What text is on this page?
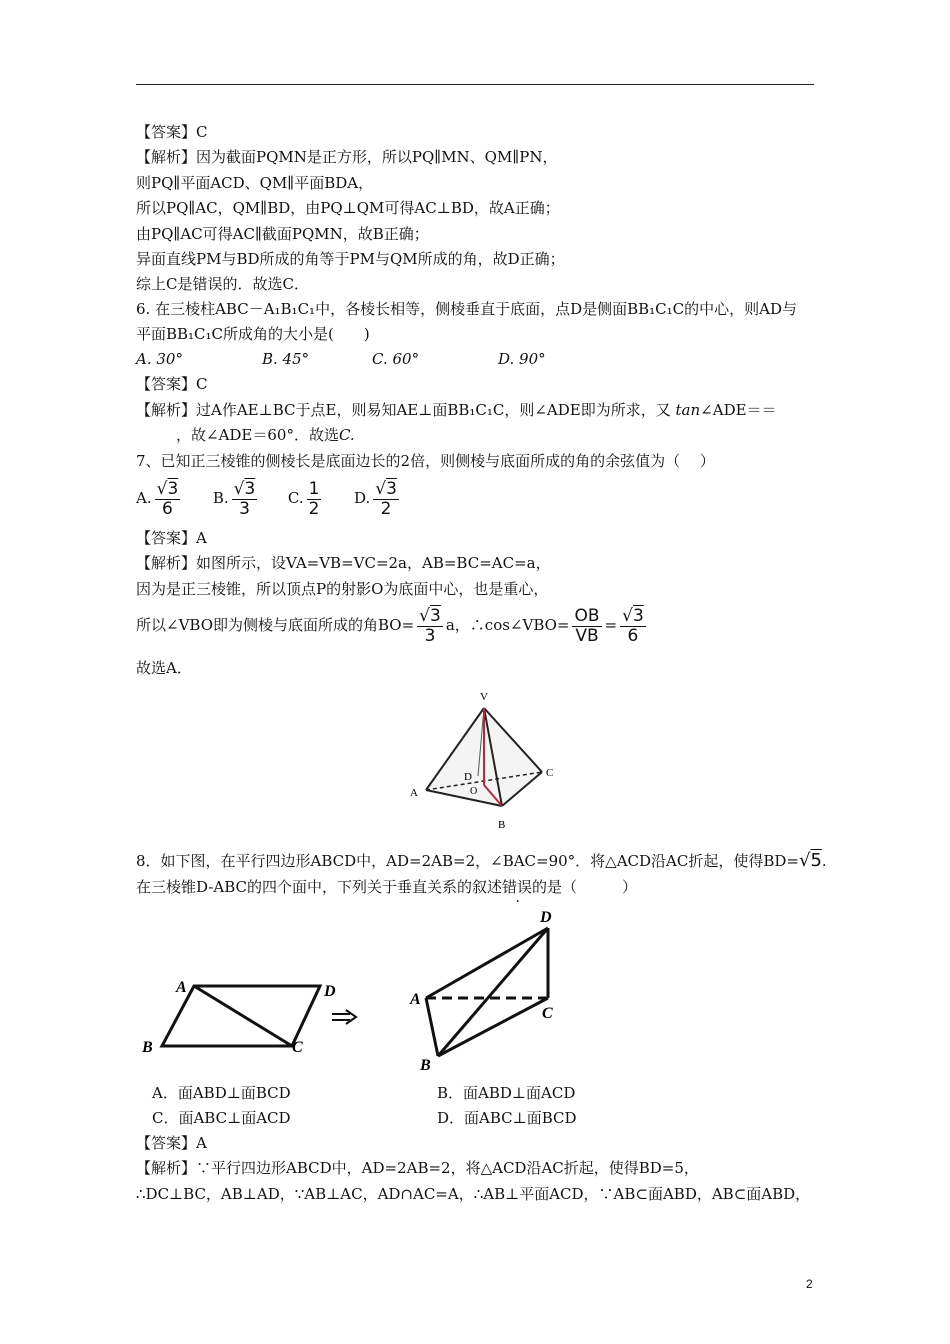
【答案】C
【解析】因为截面PQMN是正方形，所以PQ∥MN、QM∥PN，
则PQ∥平面ACD、QM∥平面BDA，
所以PQ∥AC，QM∥BD，由PQ⊥QM可得AC⊥BD，故A正确；
由PQ∥AC可得AC∥截面PQMN，故B正确；
异面直线PM与BD所成的角等于PM与QM所成的角，故D正确；
综上C是错误的．故选C．
6. 在三棱柱ABC－A₁B₁C₁中，各棱长相等，侧棱垂直于底面，点D是侧面BB₁C₁C的中心，则AD与
平面BB₁C₁C所成角的大小是(　　)
A. 30°	B. 45°	C. 60°	D. 90°
【答案】C
【解析】过A作AE⊥BC于点E，则易知AE⊥面BB₁C₁C，则∠ADE即为所求，又 tan∠ADE＝＝
，故∠ADE＝60°．故选C.
7、已知正三棱锥的侧棱长是底面边长的2倍，则侧棱与底面所成的角的余弦值为（　 ）
A. $\frac{√3}{6} B$. $\frac{√3}{3} C$. $\frac{1}{2} D$. $\frac{√3}{2}$
【答案】A
【解析】如图所示，设VA=VB=VC=2a，AB=BC=AC=a，
因为是正三棱锥，所以顶点P的射影O为底面中心，也是重心，
所以∠VBO即为侧棱与底面所成的角$BO= \frac{√3}{3}$ a，∴cos∠VBO= $\frac{OB}{VB} = \frac{√3}{6}$
故选A．
V
A
B
C
D
O
8．如下图，在平行四边形ABCD中，AD=2AB=2，∠BAC=90°．将△ACD沿AC折起，使得BD=√5.
在三棱锥D-ABC的四个面中，下列关于垂直关系的叙述错误的是（　　　）
A	D
B	C
D
A
C
B
A．面ABD⊥面BCD	B．面ABD⊥面ACD
C．面ABC⊥面ACD	D．面ABC⊥面BCD
【答案】A
【解析】∵平行四边形ABCD中，AD=2AB=2，将△ACD沿AC折起，使得BD=5，
∴DC⊥BC，AB⊥AD，∵AB⊥AC，AD∩AC=A，∴AB⊥平面ACD，∵AB⊂面ABD，AB⊂面ABD，
2
